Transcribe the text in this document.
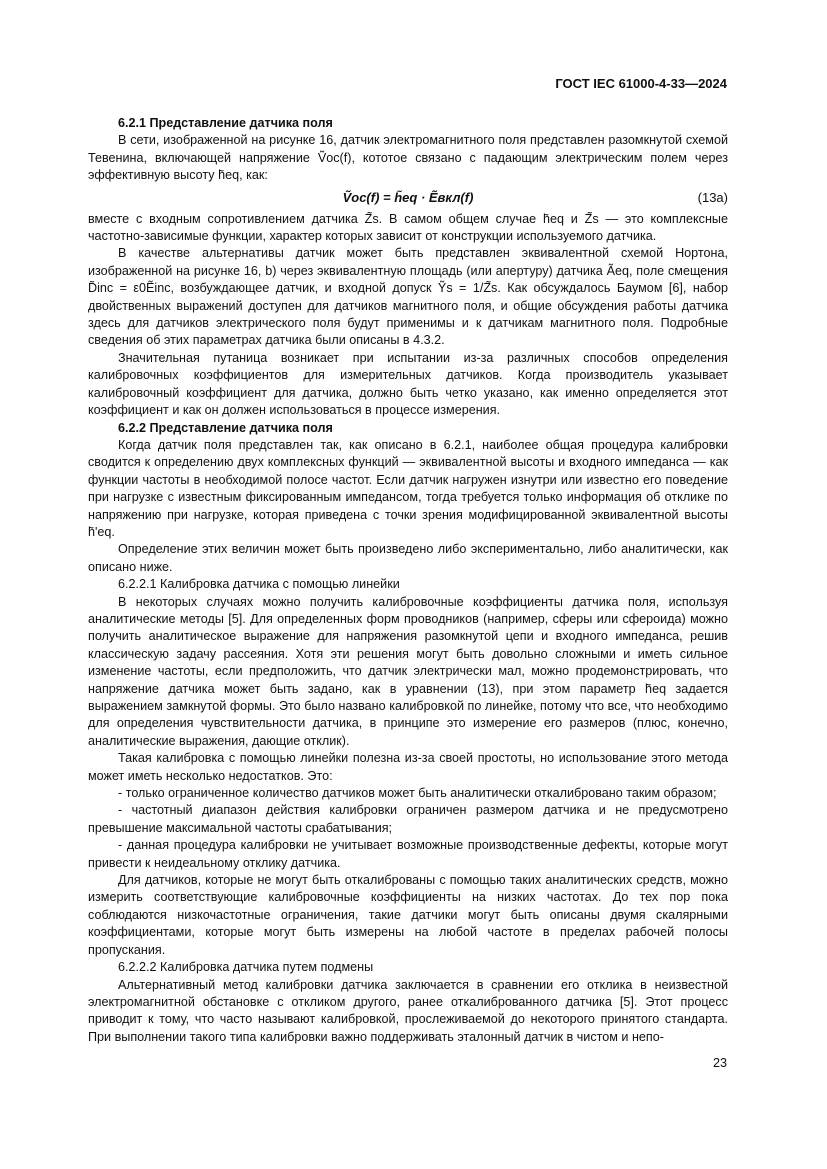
ГОСТ IEC 61000-4-33—2024

6.2.1 Представление датчика поля

В сети, изображенной на рисунке 16, датчик электромагнитного поля представлен разомкнутой схемой Тевенина, включающей напряжение Ṽoc(f), кототое связано с падающим электрическим полем через эффективную высоту h̃eq, как:

Ṽoc(f) = h̃eq · Ẽвкл(f)	(13a)

вместе с входным сопротивлением датчика Z̃s. В самом общем случае h̃eq и Z̃s — это комплексные частотно-зависимые функции, характер которых зависит от конструкции используемого датчика.

В качестве альтернативы датчик может быть представлен эквивалентной схемой Нортона, изображенной на рисунке 16, b) через эквивалентную площадь (или апертуру) датчика Ãeq, поле смещения D̃inc = ε0Ẽinc, возбуждающее датчик, и входной допуск Ỹs = 1/Z̃s. Как обсуждалось Баумом [6], набор двойственных выражений доступен для датчиков магнитного поля, и общие обсуждения работы датчика здесь для датчиков электрического поля будут применимы и к датчикам магнитного поля. Подробные сведения об этих параметрах датчика были описаны в 4.3.2.

Значительная путаница возникает при испытании из-за различных способов определения калибровочных коэффициентов для измерительных датчиков. Когда производитель указывает калибровочный коэффициент для датчика, должно быть четко указано, как именно определяется этот коэффициент и как он должен использоваться в процессе измерения.

6.2.2 Представление датчика поля

Когда датчик поля представлен так, как описано в 6.2.1, наиболее общая процедура калибровки сводится к определению двух комплексных функций — эквивалентной высоты и входного импеданса — как функции частоты в необходимой полосе частот. Если датчик нагружен изнутри или известно его поведение при нагрузке с известным фиксированным импедансом, тогда требуется только информация об отклике по напряжению при нагрузке, которая приведена с точки зрения модифицированной эквивалентной высоты h̃'eq.

Определение этих величин может быть произведено либо экспериментально, либо аналитически, как описано ниже.

6.2.2.1 Калибровка датчика с помощью линейки

В некоторых случаях можно получить калибровочные коэффициенты датчика поля, используя аналитические методы [5]. Для определенных форм проводников (например, сферы или сфероида) можно получить аналитическое выражение для напряжения разомкнутой цепи и входного импеданса, решив классическую задачу рассеяния. Хотя эти решения могут быть довольно сложными и иметь сильное изменение частоты, если предположить, что датчик электрически мал, можно продемонстрировать, что напряжение датчика может быть задано, как в уравнении (13), при этом параметр h̃eq задается выражением замкнутой формы. Это было названо калибровкой по линейке, потому что все, что необходимо для определения чувствительности датчика, в принципе это измерение его размеров (плюс, конечно, аналитические выражения, дающие отклик).

Такая калибровка с помощью линейки полезна из-за своей простоты, но использование этого метода может иметь несколько недостатков. Это:

- только ограниченное количество датчиков может быть аналитически откалибровано таким образом;

- частотный диапазон действия калибровки ограничен размером датчика и не предусмотрено превышение максимальной частоты срабатывания;

- данная процедура калибровки не учитывает возможные производственные дефекты, которые могут привести к неидеальному отклику датчика.

Для датчиков, которые не могут быть откалиброваны с помощью таких аналитических средств, можно измерить соответствующие калибровочные коэффициенты на низких частотах. До тех пор пока соблюдаются низкочастотные ограничения, такие датчики могут быть описаны двумя скалярными коэффициентами, которые могут быть измерены на любой частоте в пределах рабочей полосы пропускания.

6.2.2.2 Калибровка датчика путем подмены

Альтернативный метод калибровки датчика заключается в сравнении его отклика в неизвестной электромагнитной обстановке с откликом другого, ранее откалиброванного датчика [5]. Этот процесс приводит к тому, что часто называют калибровкой, прослеживаемой до некоторого принятого стандарта. При выполнении такого типа калибровки важно поддерживать эталонный датчик в чистом и непо-

23
